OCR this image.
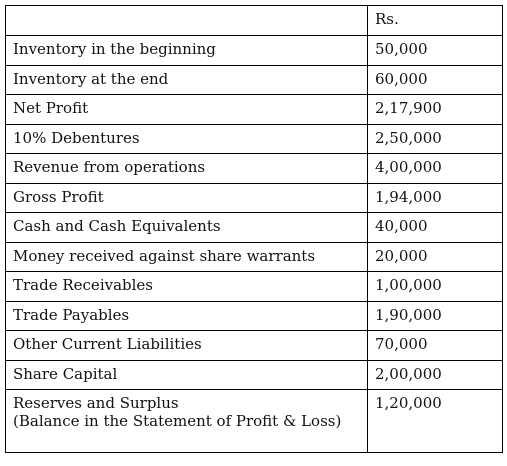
	Rs.
Inventory in the beginning	50,000
Inventory at the end	60,000
Net Profit	2,17,900
10% Debentures	2,50,000
Revenue from operations	4,00,000
Gross Profit	1,94,000
Cash and Cash Equivalents	40,000
Money received against share warrants	20,000
Trade Receivables	1,00,000
Trade Payables	1,90,000
Other Current Liabilities	70,000
Share Capital	2,00,000

Reserves and Surplus
(Balance in the Statement of Profit & Loss)	1,20,000
